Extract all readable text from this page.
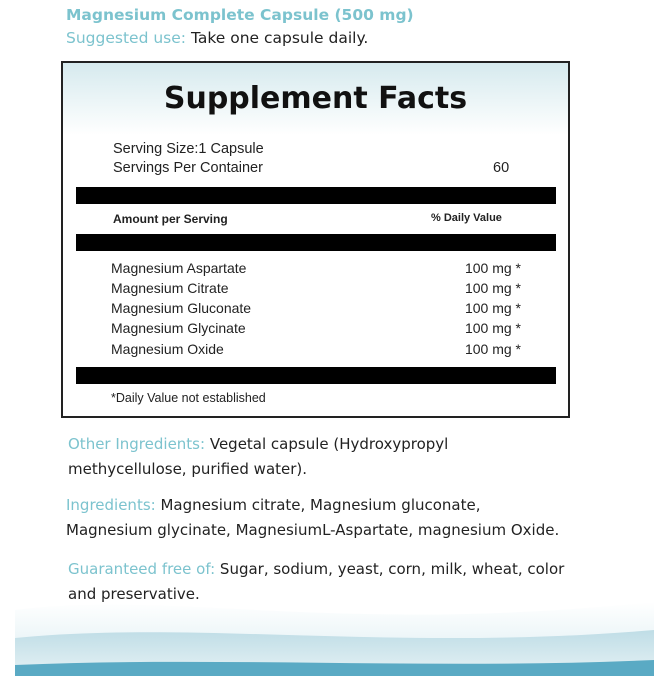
Magnesium Complete Capsule (500 mg)
Suggested use: Take one capsule daily.
Supplement Facts
Serving Size:1 Capsule
Servings Per Container	60
Amount per Serving	% Daily Value
Magnesium Aspartate	100 mg *
Magnesium Citrate	100 mg *
Magnesium Gluconate	100 mg *
Magnesium Glycinate	100 mg *
Magnesium Oxide	100 mg *
*Daily Value not established
Other Ingredients: Vegetal capsule (Hydroxypropyl methycellulose, purified water).
Ingredients: Magnesium citrate, Magnesium gluconate, Magnesium glycinate, MagnesiumL-Aspartate, magnesium Oxide.
Guaranteed free of: Sugar, sodium, yeast, corn, milk, wheat, color and preservative.
